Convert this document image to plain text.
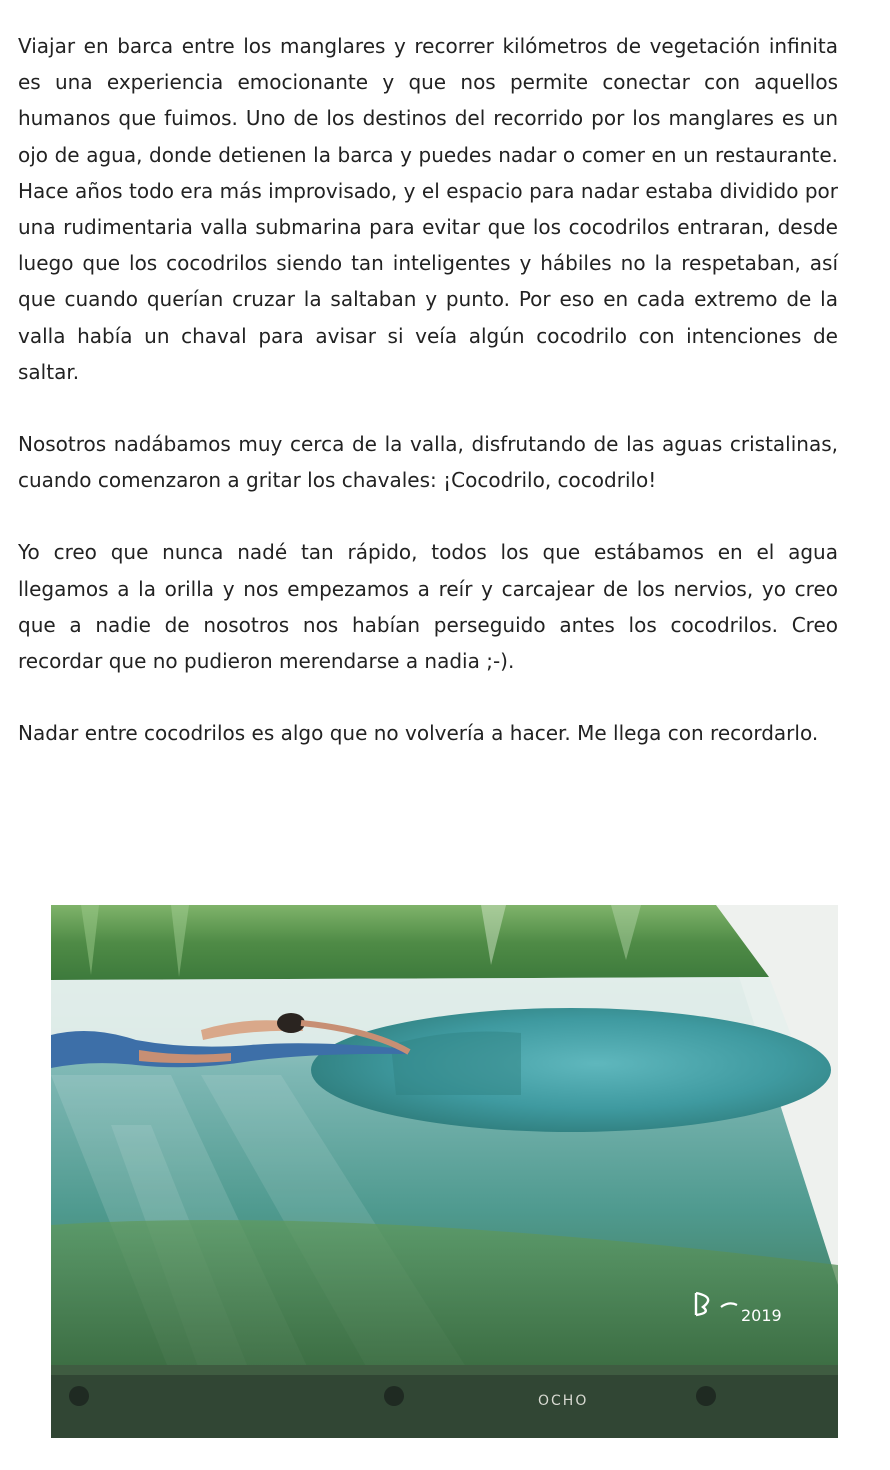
Viajar en barca entre los manglares y recorrer kilómetros de vegetación infinita es una experiencia emocionante y que nos permite conectar con aquellos humanos que fuimos. Uno de los destinos del recorrido por los manglares es un ojo de agua, donde detienen la barca y puedes nadar o comer en un restaurante. Hace años todo era más improvisado, y el espacio para nadar estaba dividido por una rudimentaria valla submarina para evitar que los cocodrilos entraran, desde luego que los cocodrilos siendo tan inteligentes y hábiles no la respetaban, así que cuando querían cruzar la saltaban y punto. Por eso en cada extremo de la valla había un chaval para avisar si veía algún cocodrilo con intenciones de saltar.

Nosotros nadábamos muy cerca de la valla, disfrutando de las aguas cristalinas, cuando comenzaron a gritar los chavales: ¡Cocodrilo, cocodrilo!

Yo creo que nunca nadé tan rápido, todos los que estábamos en el agua llegamos a la orilla y nos empezamos a reír y carcajear de los nervios, yo creo que a nadie de nosotros nos habían perseguido antes los cocodrilos. Creo recordar que no pudieron merendarse a nadia ;-).

Nadar entre cocodrilos es algo que no volvería a hacer. Me llega con recordarlo.

2019
OCHO
